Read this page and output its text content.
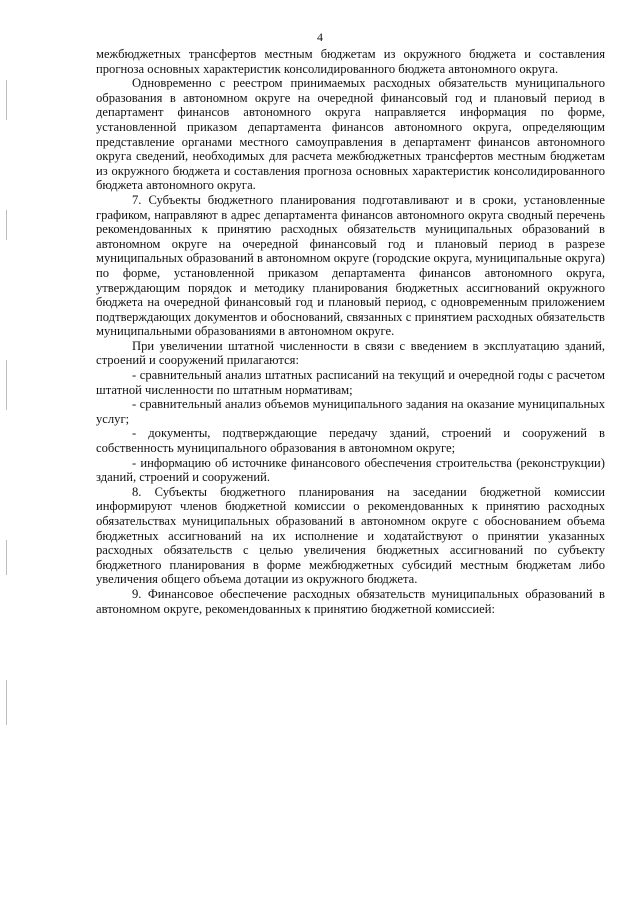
4

межбюджетных трансфертов местным бюджетам из окружного бюджета и составления прогноза основных характеристик консолидированного бюджета автономного округа.

Одновременно с реестром принимаемых расходных обязательств муниципального образования в автономном округе на очередной финансовый год и плановый период в департамент финансов автономного округа направляется информация по форме, установленной приказом департамента финансов автономного округа, определяющим представление органами местного самоуправления в департамент финансов автономного округа сведений, необходимых для расчета межбюджетных трансфертов местным бюджетам из окружного бюджета и составления прогноза основных характеристик консолидированного бюджета автономного округа.

7. Субъекты бюджетного планирования подготавливают и в сроки, установленные графиком, направляют в адрес департамента финансов автономного округа сводный перечень рекомендованных к принятию расходных обязательств муниципальных образований в автономном округе на очередной финансовый год и плановый период в разрезе муниципальных образований в автономном округе (городские округа, муниципальные округа) по форме, установленной приказом департамента финансов автономного округа, утверждающим порядок и методику планирования бюджетных ассигнований окружного бюджета на очередной финансовый год и плановый период, с одновременным приложением подтверждающих документов и обоснований, связанных с принятием расходных обязательств муниципальными образованиями в автономном округе.

При увеличении штатной численности в связи с введением в эксплуатацию зданий, строений и сооружений прилагаются:

- сравнительный анализ штатных расписаний на текущий и очередной годы с расчетом штатной численности по штатным нормативам;

- сравнительный анализ объемов муниципального задания на оказание муниципальных услуг;

- документы, подтверждающие передачу зданий, строений и сооружений в собственность муниципального образования в автономном округе;

- информацию об источнике финансового обеспечения строительства (реконструкции) зданий, строений и сооружений.

8. Субъекты бюджетного планирования на заседании бюджетной комиссии информируют членов бюджетной комиссии о рекомендованных к принятию расходных обязательствах муниципальных образований в автономном округе с обоснованием объема бюджетных ассигнований на их исполнение и ходатайствуют о принятии указанных расходных обязательств с целью увеличения бюджетных ассигнований по субъекту бюджетного планирования в форме межбюджетных субсидий местным бюджетам либо увеличения общего объема дотации из окружного бюджета.

9. Финансовое обеспечение расходных обязательств муниципальных образований в автономном округе, рекомендованных к принятию бюджетной комиссией:
